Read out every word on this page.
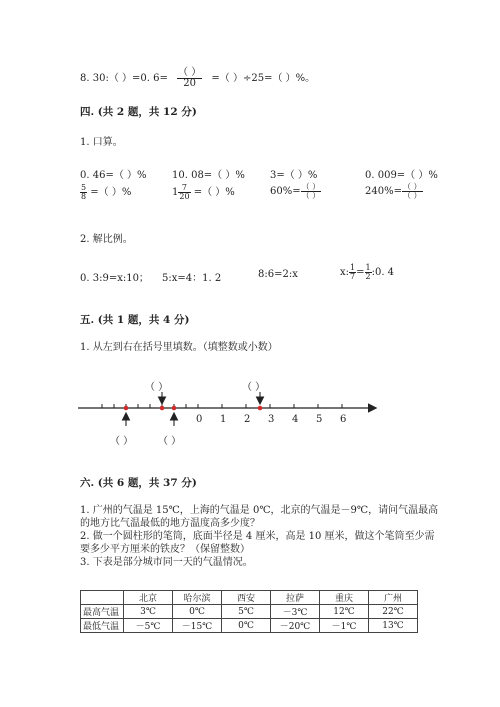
8. 30:（ ）=0. $6= \frac{( )}{20}$ =（ ）÷25=（ ）%。
四. (共 2 题，共 12 分)
1. 口算。
0. 46=（ ）%	10. 08=（ ）%	3=（ ）%	0. 009=（ ）%
$\frac{5}{8}$ =（ ）%	$1 \frac{7}{20}$ =（ ）%	$60\%= \frac{( )}{( )}$	$240\%= \frac{( )}{( )}$
2. 解比例。
0. 3:9=x:10； 5:x=4：1. 2	8:6=2:x	x: $\frac{1}{7} = \frac{1}{2}$ :0. 4
五. (共 1 题，共 4 分)
1. 从左到右在括号里填数。（填整数或小数）
（ ）	（ ）
（ ） （ ）
0 1 2 3 4 5 6
六. (共 6 题，共 37 分)
1. 广州的气温是 15℃，上海的气温是 0℃，北京的气温是－9℃，请问气温最高
的地方比气温最低的地方温度高多少度？
2. 做一个圆柱形的笔筒，底面半径是 4 厘米，高是 10 厘米，做这个笔筒至少需
要多少平方厘米的铁皮？（保留整数）
3. 下表是部分城市同一天的气温情况。
	北京	哈尔滨	西安	拉萨	重庆	广州
最高气温	3℃	0℃	5℃	－3℃	12℃	22℃
最低气温	－5℃	－15℃	0℃	－20℃	－1℃	13℃
